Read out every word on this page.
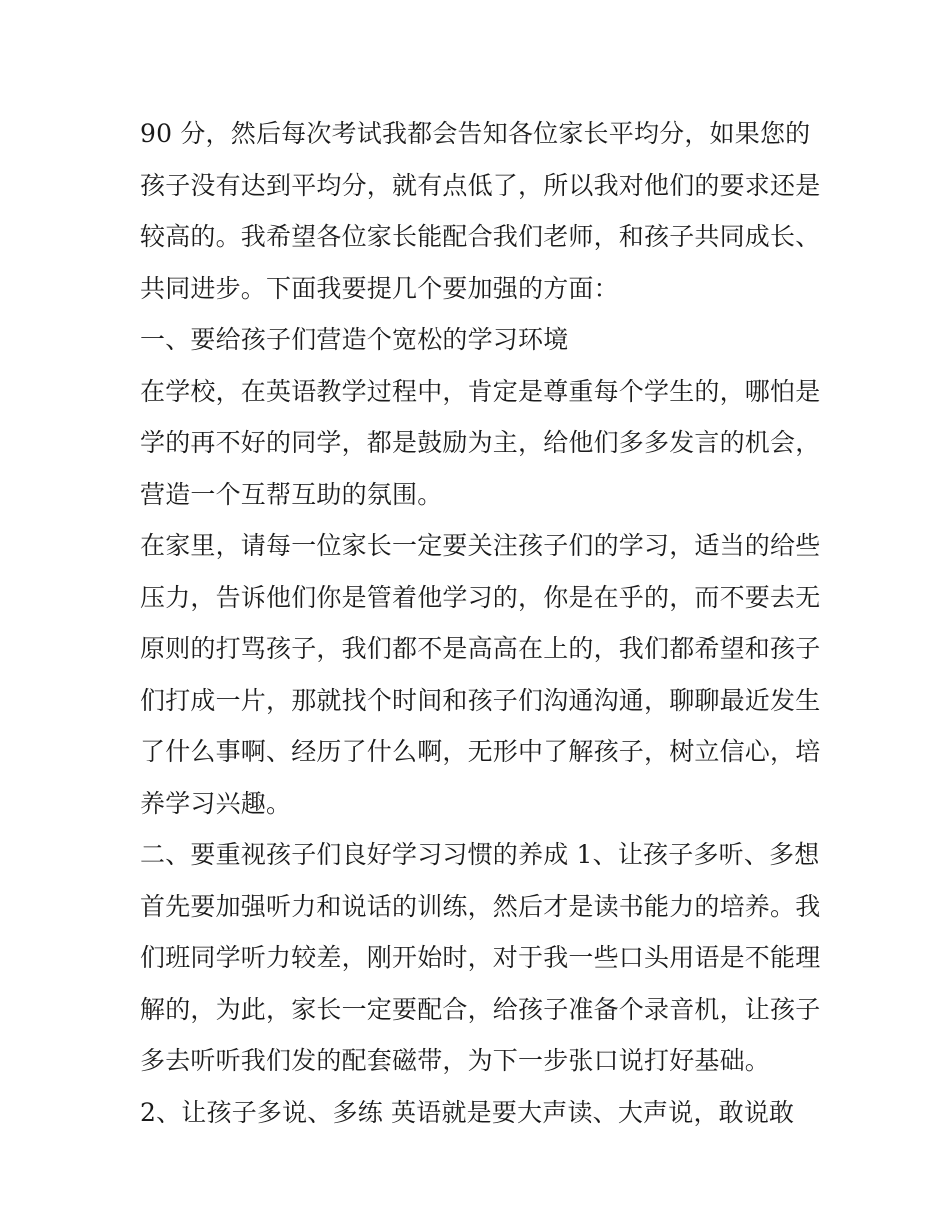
90 分，然后每次考试我都会告知各位家长平均分，如果您的
孩子没有达到平均分，就有点低了，所以我对他们的要求还是
较高的。我希望各位家长能配合我们老师，和孩子共同成长、
共同进步。下面我要提几个要加强的方面：
一、要给孩子们营造个宽松的学习环境
在学校，在英语教学过程中，肯定是尊重每个学生的，哪怕是
学的再不好的同学，都是鼓励为主，给他们多多发言的机会，
营造一个互帮互助的氛围。
在家里，请每一位家长一定要关注孩子们的学习，适当的给些
压力，告诉他们你是管着他学习的，你是在乎的，而不要去无
原则的打骂孩子，我们都不是高高在上的，我们都希望和孩子
们打成一片，那就找个时间和孩子们沟通沟通，聊聊最近发生
了什么事啊、经历了什么啊，无形中了解孩子，树立信心，培
养学习兴趣。
二、要重视孩子们良好学习习惯的养成 1、让孩子多听、多想
首先要加强听力和说话的训练，然后才是读书能力的培养。我
们班同学听力较差，刚开始时，对于我一些口头用语是不能理
解的，为此，家长一定要配合，给孩子准备个录音机，让孩子
多去听听我们发的配套磁带，为下一步张口说打好基础。
2、让孩子多说、多练 英语就是要大声读、大声说，敢说敢
